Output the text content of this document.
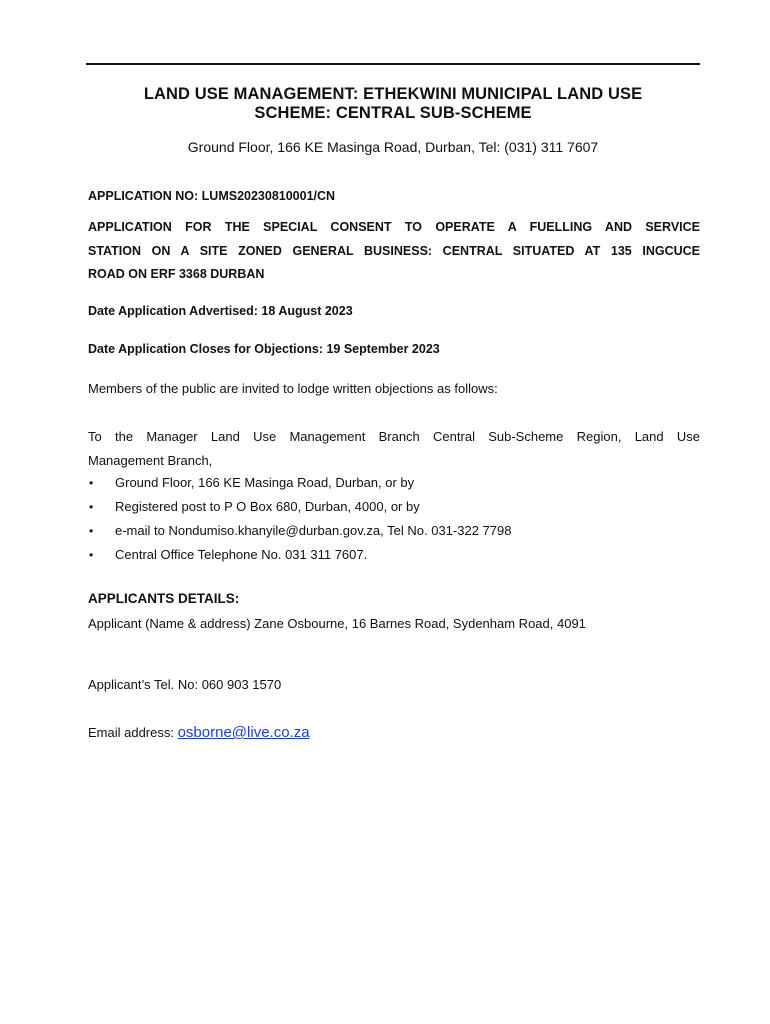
LAND USE MANAGEMENT: ETHEKWINI MUNICIPAL LAND USE
SCHEME: CENTRAL SUB-SCHEME
Ground Floor, 166 KE Masinga Road, Durban, Tel: (031) 311 7607
APPLICATION NO: LUMS20230810001/CN
APPLICATION FOR THE SPECIAL CONSENT TO OPERATE A FUELLING AND SERVICE
STATION ON A SITE ZONED GENERAL BUSINESS: CENTRAL SITUATED AT 135 INGCUCE
ROAD ON ERF 3368 DURBAN
Date Application Advertised: 18 August 2023
Date Application Closes for Objections: 19 September 2023
Members of the public are invited to lodge written objections as follows:
To the Manager Land Use Management Branch Central Sub-Scheme Region, Land Use
Management Branch,
• Ground Floor, 166 KE Masinga Road, Durban, or by
• Registered post to P O Box 680, Durban, 4000, or by
• e-mail to Nondumiso.khanyile@durban.gov.za, Tel No. 031-322 7798
• Central Office Telephone No. 031 311 7607.
APPLICANTS DETAILS:
Applicant (Name & address) Zane Osbourne, 16 Barnes Road, Sydenham Road, 4091
Applicant’s Tel. No: 060 903 1570
Email address: osborne@live.co.za
